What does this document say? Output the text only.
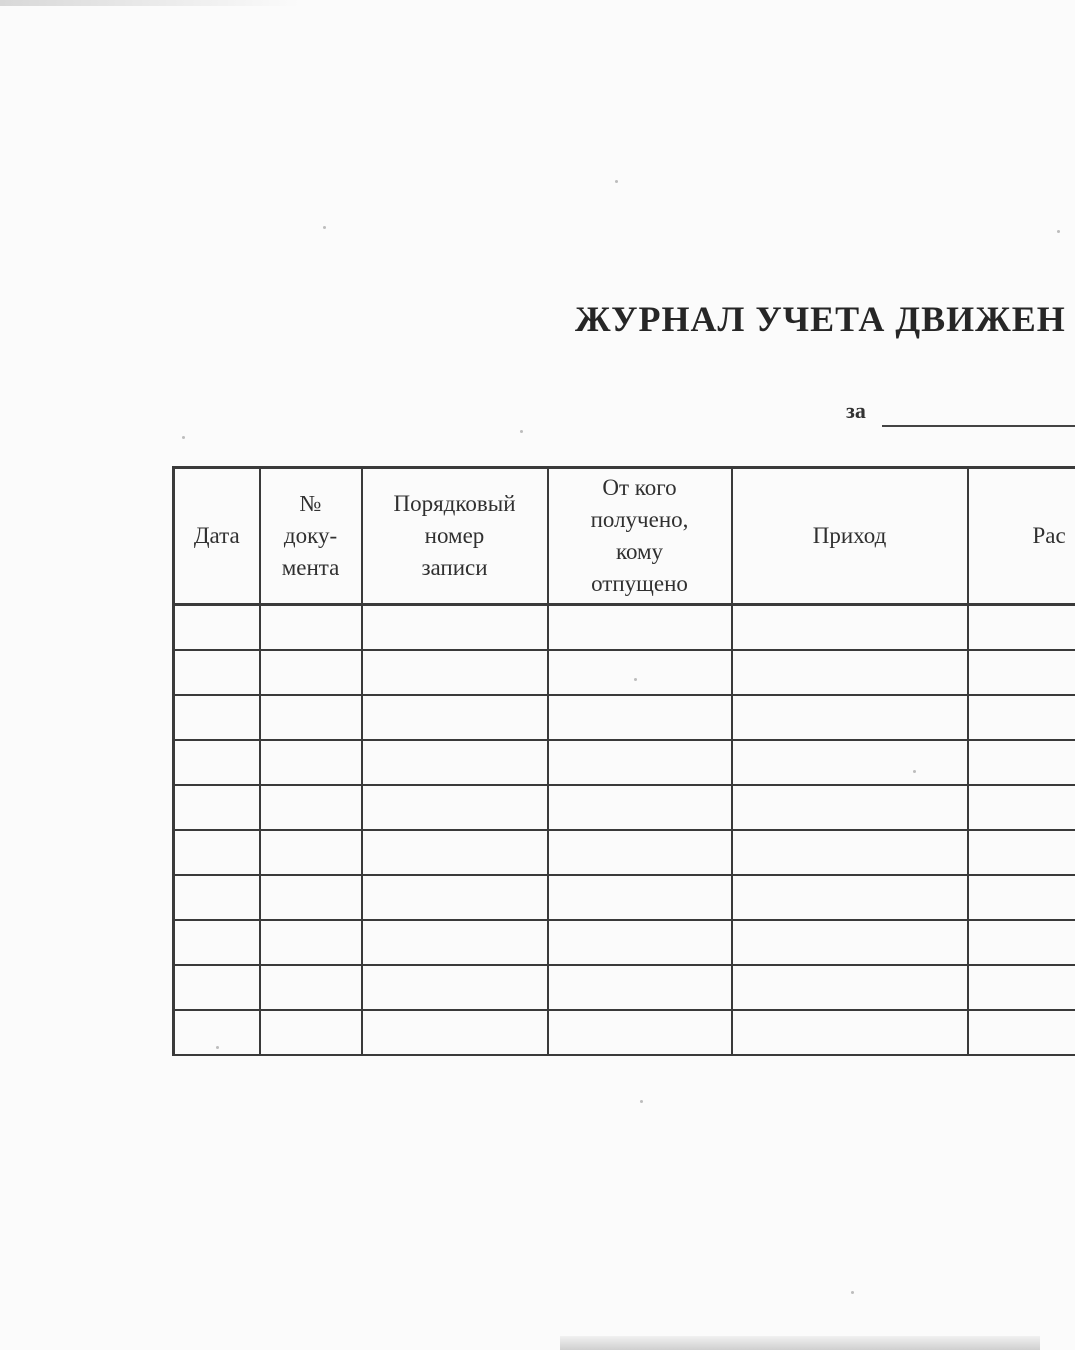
ЖУРНАЛ УЧЕТА ДВИЖЕН
за
Дата	№
доку-
мента	Порядковый
номер
записи	От кого
получено,
кому
отпущено	Приход	Рас
